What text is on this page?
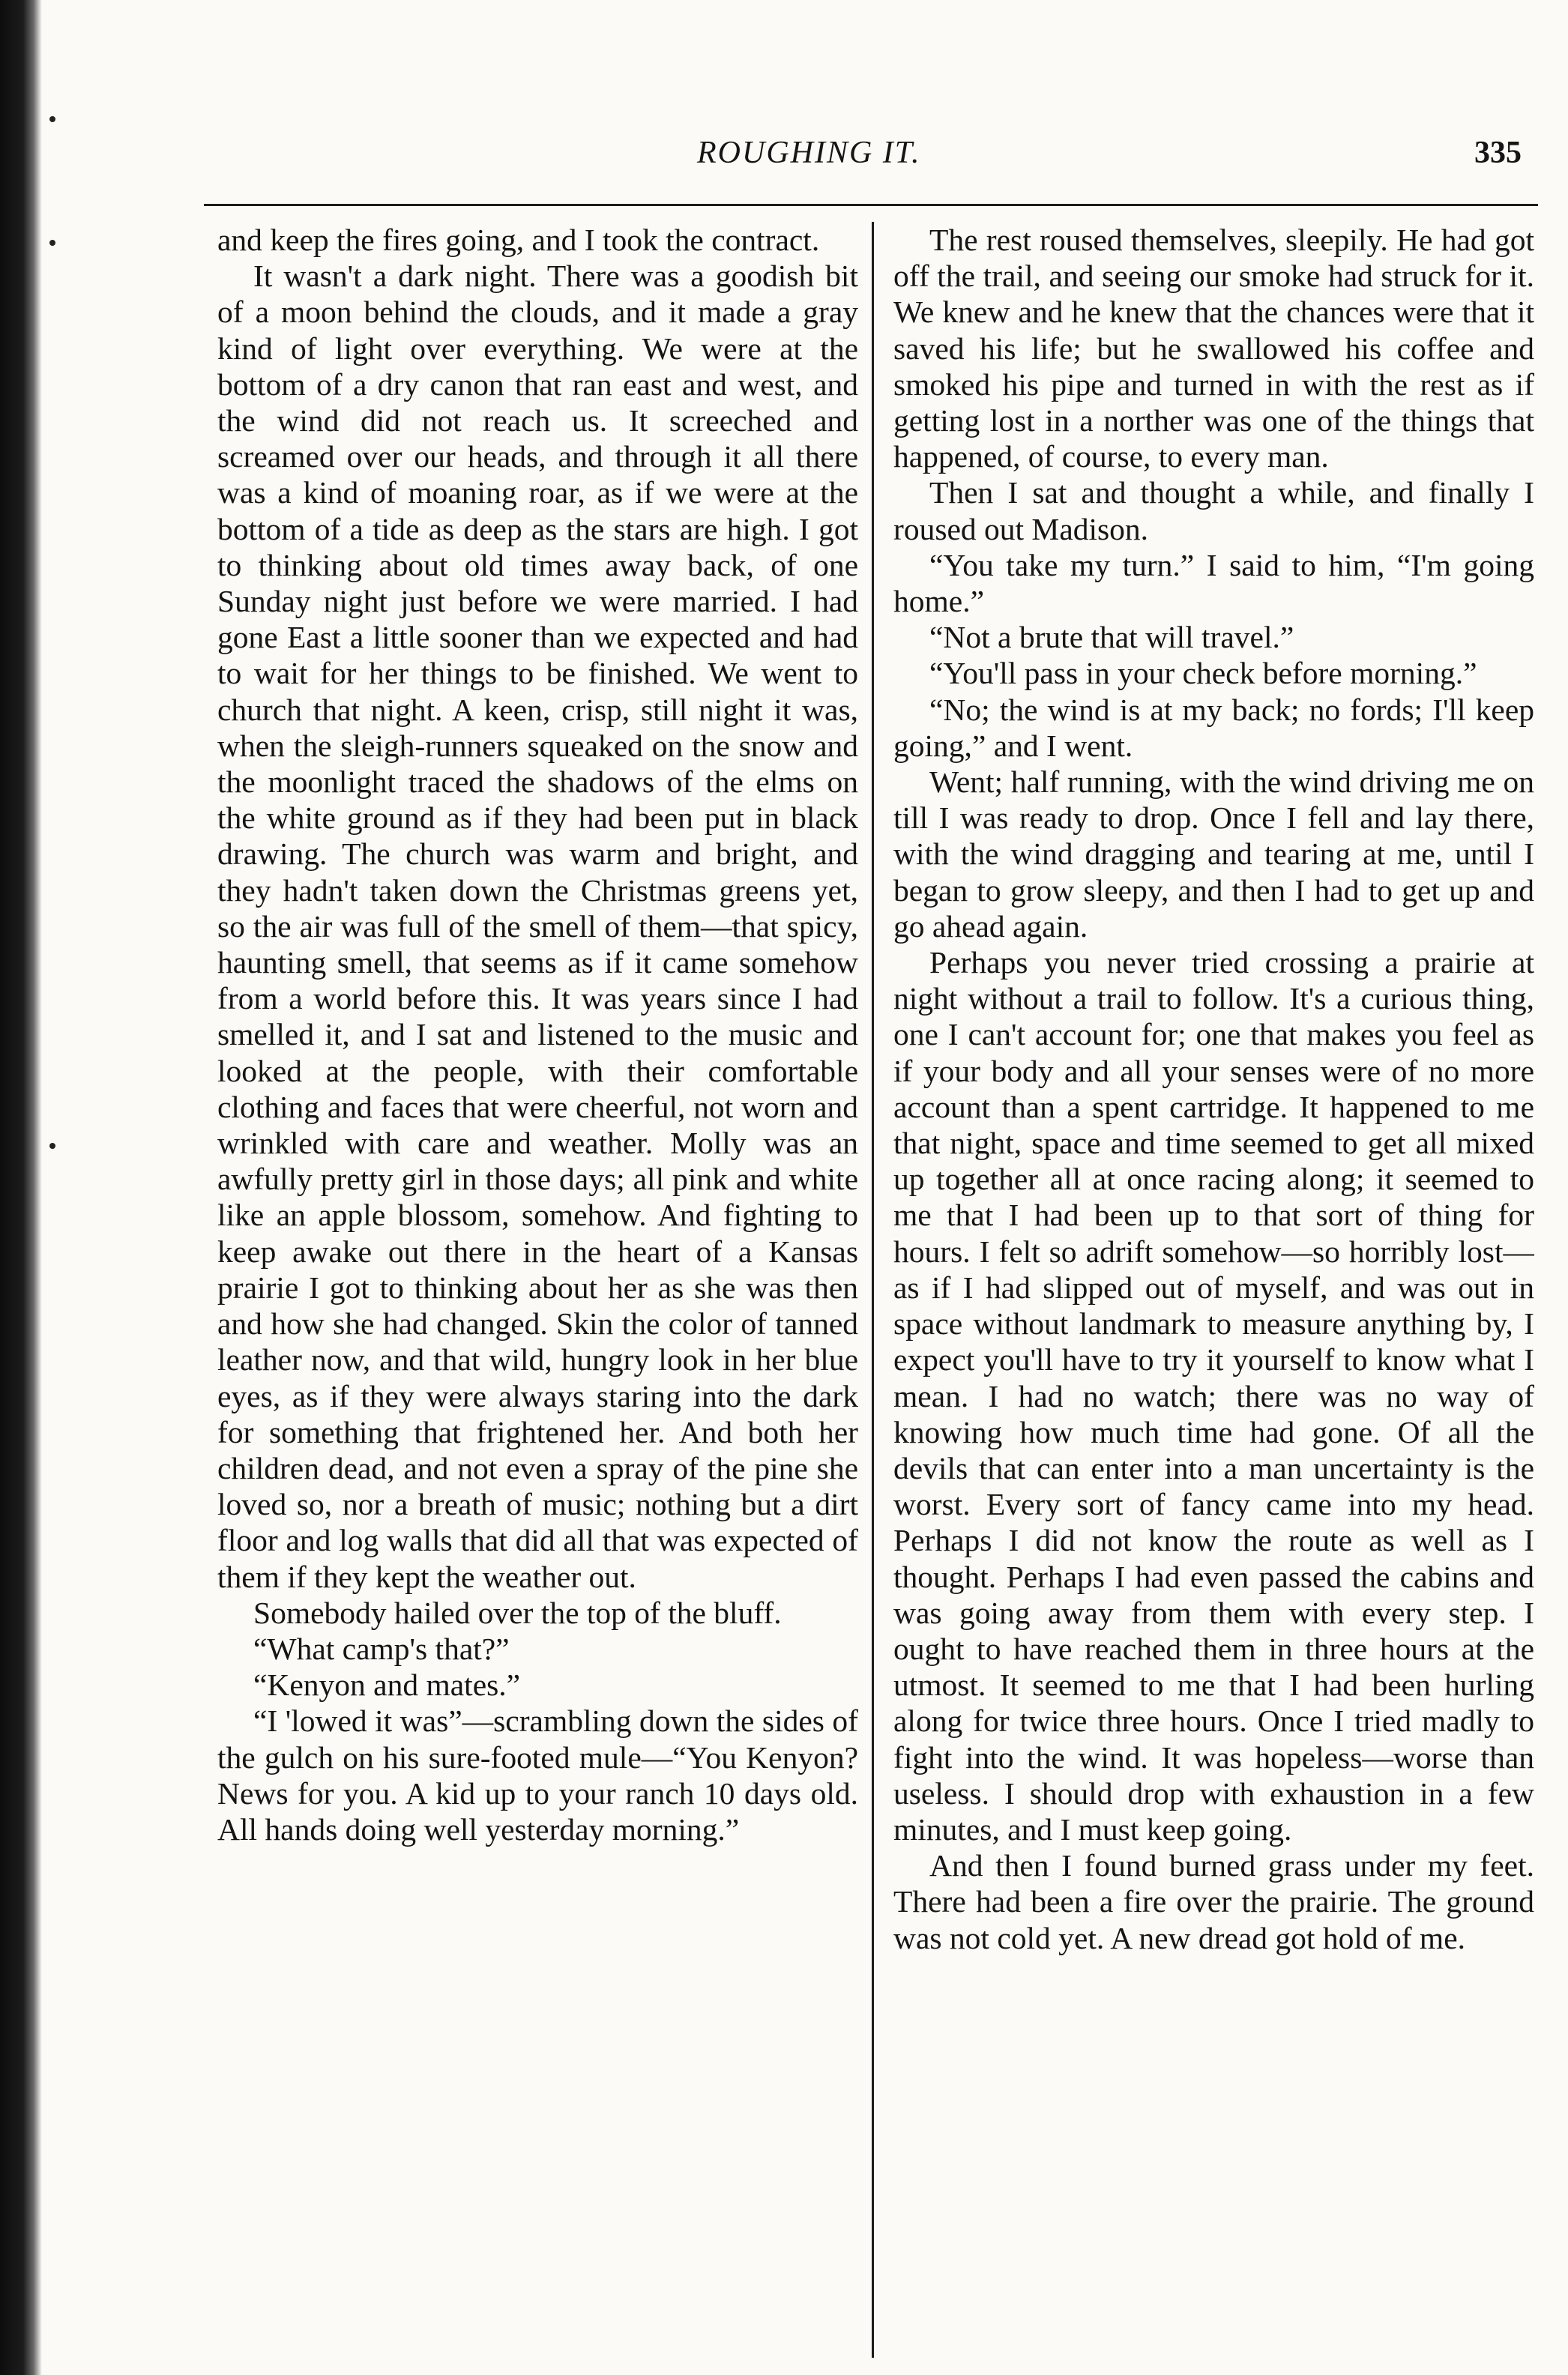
ROUGHING IT.	335

and keep the fires going, and I took the contract.

It wasn't a dark night. There was a goodish bit of a moon behind the clouds, and it made a gray kind of light over everything. We were at the bottom of a dry canon that ran east and west, and the wind did not reach us. It screeched and screamed over our heads, and through it all there was a kind of moaning roar, as if we were at the bottom of a tide as deep as the stars are high. I got to thinking about old times away back, of one Sunday night just before we were married. I had gone East a little sooner than we expected and had to wait for her things to be finished. We went to church that night. A keen, crisp, still night it was, when the sleigh-runners squeaked on the snow and the moonlight traced the shadows of the elms on the white ground as if they had been put in black drawing. The church was warm and bright, and they hadn't taken down the Christmas greens yet, so the air was full of the smell of them—that spicy, haunting smell, that seems as if it came somehow from a world before this. It was years since I had smelled it, and I sat and listened to the music and looked at the people, with their comfortable clothing and faces that were cheerful, not worn and wrinkled with care and weather. Molly was an awfully pretty girl in those days; all pink and white like an apple blossom, somehow. And fighting to keep awake out there in the heart of a Kansas prairie I got to thinking about her as she was then and how she had changed. Skin the color of tanned leather now, and that wild, hungry look in her blue eyes, as if they were always staring into the dark for something that frightened her. And both her children dead, and not even a spray of the pine she loved so, nor a breath of music; nothing but a dirt floor and log walls that did all that was expected of them if they kept the weather out.

Somebody hailed over the top of the bluff.

“What camp's that?”

“Kenyon and mates.”

“I 'lowed it was”—scrambling down the sides of the gulch on his sure-footed mule—“You Kenyon? News for you. A kid up to your ranch 10 days old. All hands doing well yesterday morning.”

The rest roused themselves, sleepily. He had got off the trail, and seeing our smoke had struck for it. We knew and he knew that the chances were that it saved his life; but he swallowed his coffee and smoked his pipe and turned in with the rest as if getting lost in a norther was one of the things that happened, of course, to every man.

Then I sat and thought a while, and finally I roused out Madison.

“You take my turn.” I said to him, “I'm going home.”

“Not a brute that will travel.”

“You'll pass in your check before morning.”

“No; the wind is at my back; no fords; I'll keep going,” and I went.

Went; half running, with the wind driving me on till I was ready to drop. Once I fell and lay there, with the wind dragging and tearing at me, until I began to grow sleepy, and then I had to get up and go ahead again.

Perhaps you never tried crossing a prairie at night without a trail to follow. It's a curious thing, one I can't account for; one that makes you feel as if your body and all your senses were of no more account than a spent cartridge. It happened to me that night, space and time seemed to get all mixed up together all at once racing along; it seemed to me that I had been up to that sort of thing for hours. I felt so adrift somehow—so horribly lost—as if I had slipped out of myself, and was out in space without landmark to measure anything by, I expect you'll have to try it yourself to know what I mean. I had no watch; there was no way of knowing how much time had gone. Of all the devils that can enter into a man uncertainty is the worst. Every sort of fancy came into my head. Perhaps I did not know the route as well as I thought. Perhaps I had even passed the cabins and was going away from them with every step. I ought to have reached them in three hours at the utmost. It seemed to me that I had been hurling along for twice three hours. Once I tried madly to fight into the wind. It was hopeless—worse than useless. I should drop with exhaustion in a few minutes, and I must keep going.

And then I found burned grass under my feet. There had been a fire over the prairie. The ground was not cold yet. A new dread got hold of me.
